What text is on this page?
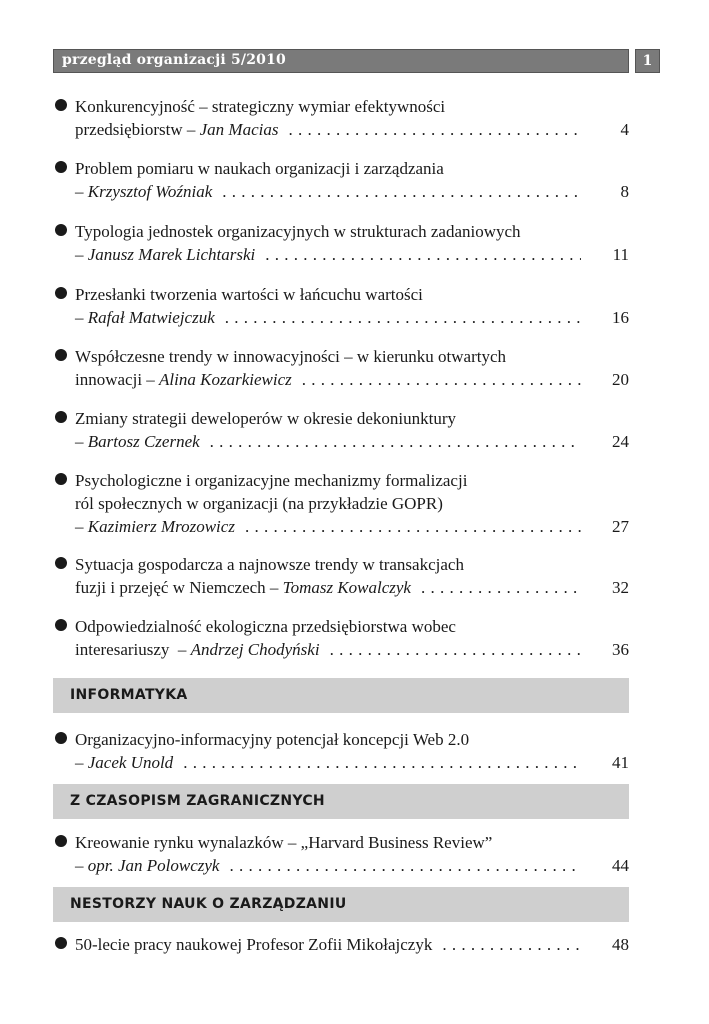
przegląd organizacji 5/2010	1
Konkurencyjność – strategiczny wymiar efektywności
przedsiębiorstw – Jan Macias . . .	4
Problem pomiaru w naukach organizacji i zarządzania
– Krzysztof Woźniak . . .	8
Typologia jednostek organizacyjnych w strukturach zadaniowych
– Janusz Marek Lichtarski . . .	11
Przesłanki tworzenia wartości w łańcuchu wartości
– Rafał Matwiejczuk . . .	16
Współczesne trendy w innowacyjności – w kierunku otwartych
innowacji – Alina Kozarkiewicz . . .	20
Zmiany strategii deweloperów w okresie dekoniunktury
– Bartosz Czernek . . .	24
Psychologiczne i organizacyjne mechanizmy formalizacji
ról społecznych w organizacji (na przykładzie GOPR)
– Kazimierz Mrozowicz . . .	27
Sytuacja gospodarcza a najnowsze trendy w transakcjach
fuzji i przejęć w Niemczech – Tomasz Kowalczyk . . .	32
Odpowiedzialność ekologiczna przedsiębiorstwa wobec
interesariuszy  – Andrzej Chodyński . . .	36
INFORMATYKA
Organizacyjno-informacyjny potencjał koncepcji Web 2.0
– Jacek Unold . . .	41
Z CZASOPISM ZAGRANICZNYCH
Kreowanie rynku wynalazków – „Harvard Business Review”
– opr. Jan Polowczyk . . .	44
NESTORZY NAUK O ZARZĄDZANIU
50-lecie pracy naukowej Profesor Zofii Mikołajczyk . . .	48
